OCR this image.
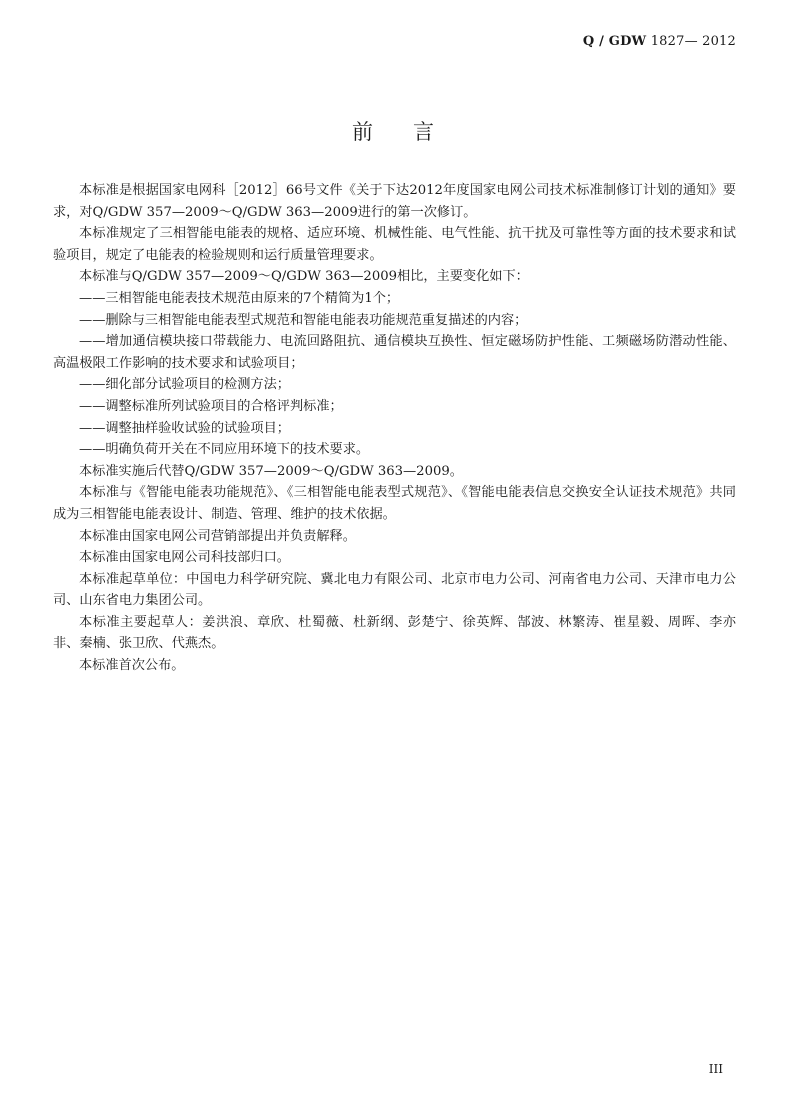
Q / GDW 1827— 2012
前言

本标准是根据国家电网科［2012］66号文件《关于下达2012年度国家电网公司技术标准制修订计划的通知》要求，对Q/GDW 357—2009～Q/GDW 363—2009进行的第一次修订。

本标准规定了三相智能电能表的规格、适应环境、机械性能、电气性能、抗干扰及可靠性等方面的技术要求和试验项目，规定了电能表的检验规则和运行质量管理要求。

本标准与Q/GDW 357—2009～Q/GDW 363—2009相比，主要变化如下：

——三相智能电能表技术规范由原来的7个精简为1个；

——删除与三相智能电能表型式规范和智能电能表功能规范重复描述的内容；

——增加通信模块接口带载能力、电流回路阻抗、通信模块互换性、恒定磁场防护性能、工频磁场防潜动性能、高温极限工作影响的技术要求和试验项目；

——细化部分试验项目的检测方法；

——调整标准所列试验项目的合格评判标准；

——调整抽样验收试验的试验项目；

——明确负荷开关在不同应用环境下的技术要求。

本标准实施后代替Q/GDW 357—2009～Q/GDW 363—2009。

本标准与《智能电能表功能规范》、《三相智能电能表型式规范》、《智能电能表信息交换安全认证技术规范》共同成为三相智能电能表设计、制造、管理、维护的技术依据。

本标准由国家电网公司营销部提出并负责解释。

本标准由国家电网公司科技部归口。

本标准起草单位：中国电力科学研究院、冀北电力有限公司、北京市电力公司、河南省电力公司、天津市电力公司、山东省电力集团公司。

本标准主要起草人：姜洪浪、章欣、杜蜀薇、杜新纲、彭楚宁、徐英辉、郜波、林繁涛、崔星毅、周晖、李亦非、秦楠、张卫欣、代燕杰。

本标准首次公布。

III
